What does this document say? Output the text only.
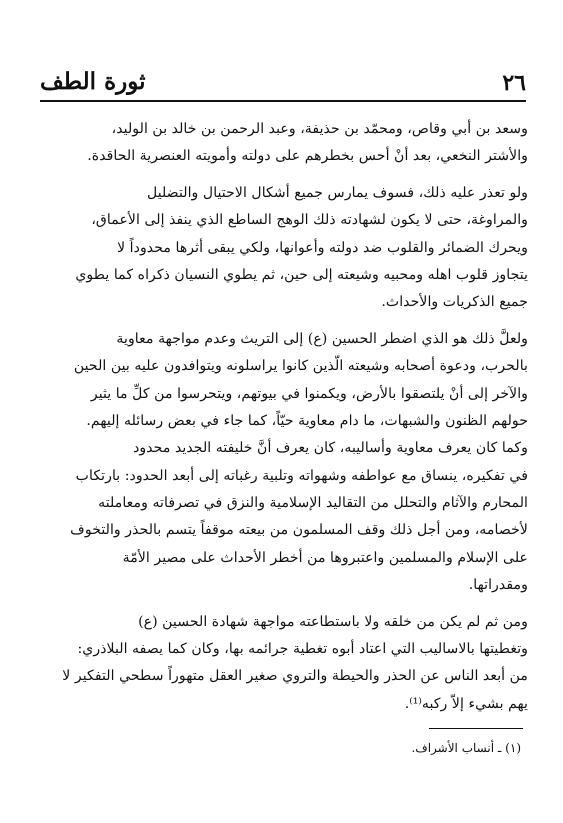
٢٦
ثورة الطف
وسعد بن أبي وقاص، ومحمّد بن حذيفة، وعبد الرحمن بن خالد بن الوليد،
والأشتر النخعي، بعد أنْ أحس بخطرهم على دولته وأمويته العنصرية الحاقدة.
ولو تعذر عليه ذلك، فسوف يمارس جميع أشكال الاحتيال والتضليل
والمراوغة، حتى لا يكون لشهادته ذلك الوهج الساطع الذي ينفذ إلى الأعماق،
ويحرك الضمائر والقلوب ضد دولته وأعوانها، ولكي يبقى أثرها محدوداً لا
يتجاوز قلوب اهله ومحبيه وشيعته إلى حين، ثم يطوي النسيان ذكراه كما يطوي
جميع الذكريات والأحداث.
ولعلَّ ذلك هو الذي اضطر الحسين (ع) إلى التريث وعدم مواجهة معاوية
بالحرب، ودعوة أصحابه وشيعته الّذين كانوا يراسلونه ويتوافدون عليه بين الحين
والآخر إلى أنْ يلتصقوا بالأرض، ويكمنوا في بيوتهم، ويتحرسوا من كلِّ ما يثير
حولهم الظنون والشبهات، ما دام معاوية حيّاً، كما جاء في بعض رسائله إليهم.
وكما كان يعرف معاوية وأساليبه، كان يعرف أنَّ خليفته الجديد محدود
في تفكيره، ينساق مع عواطفه وشهواته وتلبية رغباته إلى أبعد الحدود: بارتكاب
المحارم والآثام والتحلل من التقاليد الإسلامية والنزق في تصرفاته ومعاملته
لأخصامه، ومن أجل ذلك وقف المسلمون من بيعته موقفاً يتسم بالحذر والتخوف
على الإسلام والمسلمين واعتبروها من أخطر الأحداث على مصير الأمّة
ومقدراتها.
ومن ثم لم يكن من خلقه ولا باستطاعته مواجهة شهادة الحسين (ع)
وتغطيتها بالاساليب التي اعتاد أبوه تغطية جرائمه بها، وكان كما يصفه البلاذري:
من أبعد الناس عن الحذر والحيطة والتروي صغير العقل متهوراً سطحي التفكير لا
يهم بشيء إلاّ ركبه⁽¹⁾.
(١) ـ أنساب الأشراف.
